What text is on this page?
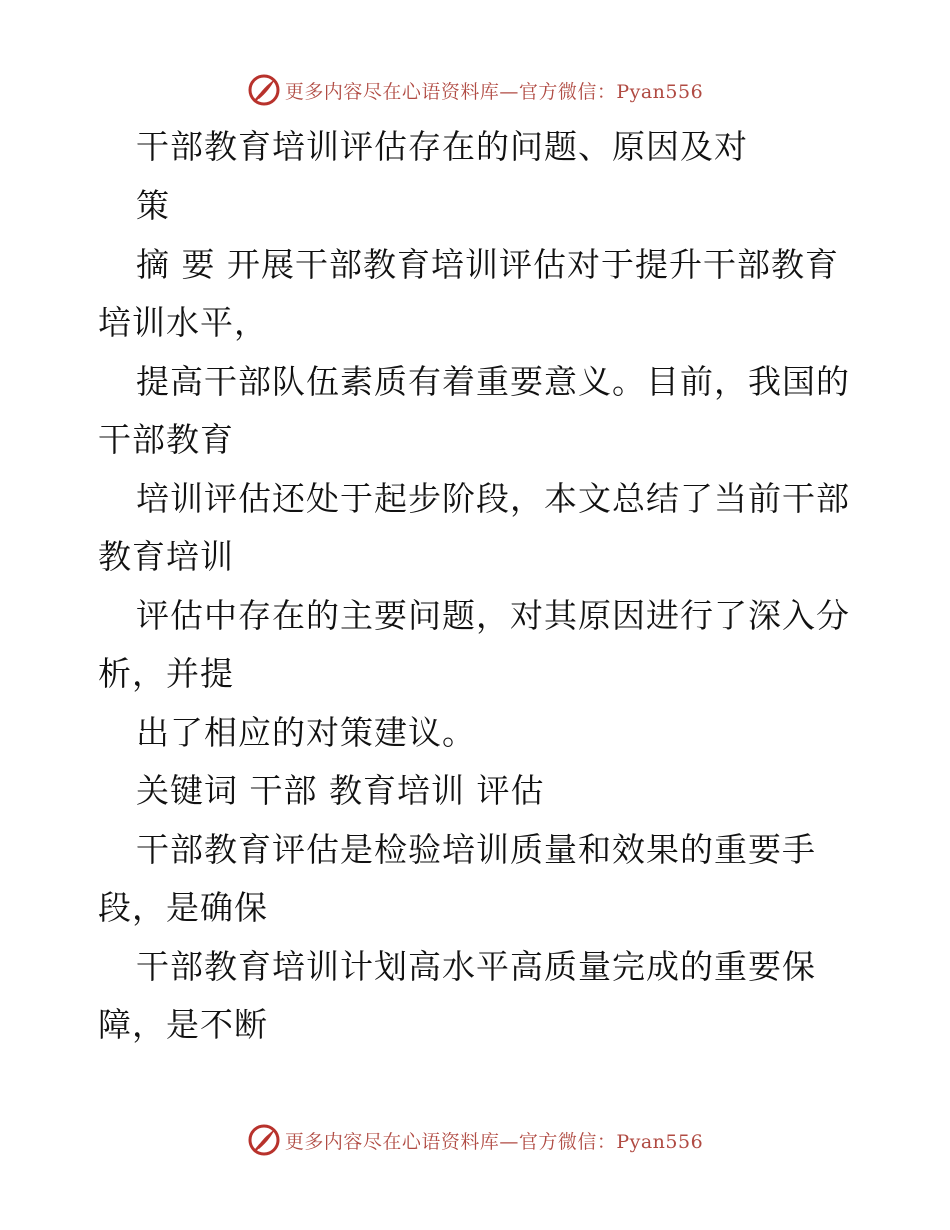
更多内容尽在心语资料库—官方微信：Pyan556
干部教育培训评估存在的问题、原因及对
策
摘 要 开展干部教育培训评估对于提升干部教育
培训水平，
提高干部队伍素质有着重要意义。目前，我国的
干部教育
培训评估还处于起步阶段，本文总结了当前干部
教育培训
评估中存在的主要问题，对其原因进行了深入分
析，并提
出了相应的对策建议。
关键词 干部 教育培训 评估
干部教育评估是检验培训质量和效果的重要手
段，是确保
干部教育培训计划高水平高质量完成的重要保
障，是不断
更多内容尽在心语资料库—官方微信：Pyan556
